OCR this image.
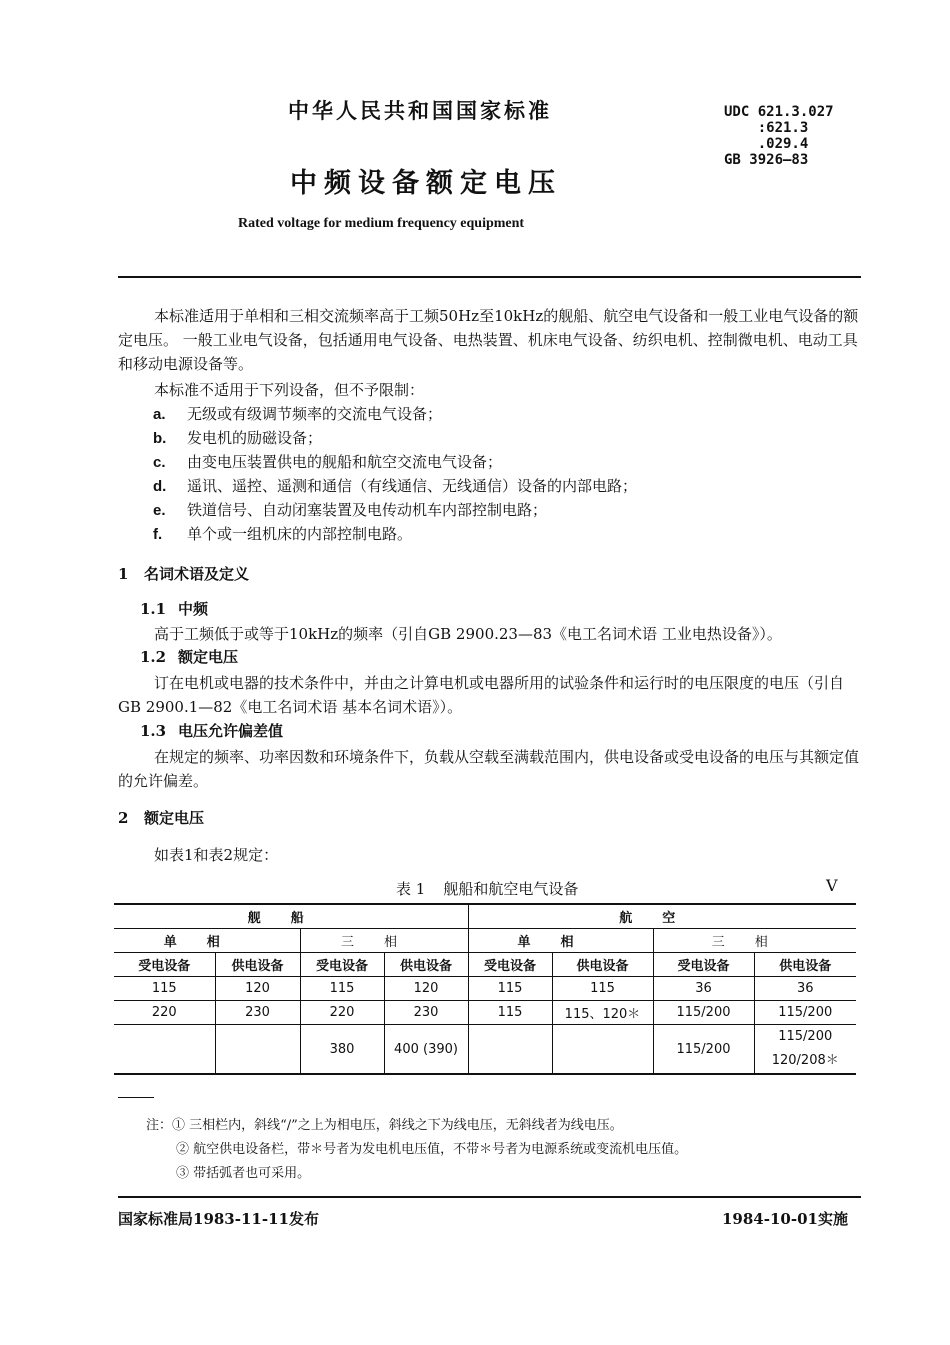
中华人民共和国国家标准	UDC 621.3.027
:621.3
.029.4
GB 3926—83
中频设备额定电压
Rated voltage for medium frequency equipment
本标准适用于单相和三相交流频率高于工频50Hz至10kHz的舰船、航空电气设备和一般工业电气设备的额定电压。 一般工业电气设备，包括通用电气设备、电热装置、机床电气设备、纺织电机、控制微电机、电动工具和移动电源设备等。
本标准不适用于下列设备，但不予限制：
a. 无级或有级调节频率的交流电气设备；
b. 发电机的励磁设备；
c. 由变电压装置供电的舰船和航空交流电气设备；
d. 遥讯、遥控、遥测和通信（有线通信、无线通信）设备的内部电路；
e. 铁道信号、自动闭塞装置及电传动机车内部控制电路；
f. 单个或一组机床的内部控制电路。
1 名词术语及定义
1.1 中频
高于工频低于或等于10kHz的频率（引自GB 2900.23—83《电工名词术语 工业电热设备》）。
1.2 额定电压
订在电机或电器的技术条件中，并由之计算电机或电器所用的试验条件和运行时的电压限度的电压（引自GB 2900.1—82《电工名词术语 基本名词术语》）。
1.3 电压允许偏差值
在规定的频率、功率因数和环境条件下，负载从空载至满载范围内，供电设备或受电设备的电压与其额定值的允许偏差。
2 额定电压
如表1和表2规定：
表 1 舰船和航空电气设备	V
舰船				航空			
单相		三相		单相		三相	
受电设备	供电设备	受电设备	供电设备	受电设备	供电设备	受电设备	供电设备
115	120	115	120	115	115	36	36
220	230	220	230	115	115、120＊	115/200	115/200
		380	400 (390)			115/200	115/200
120/208＊
注：① 三相栏内，斜线“/”之上为相电压，斜线之下为线电压，无斜线者为线电压。
② 航空供电设备栏，带＊号者为发电机电压值，不带＊号者为电源系统或变流机电压值。
③ 带括弧者也可采用。
国家标准局1983-11-11发布	1984-10-01实施
